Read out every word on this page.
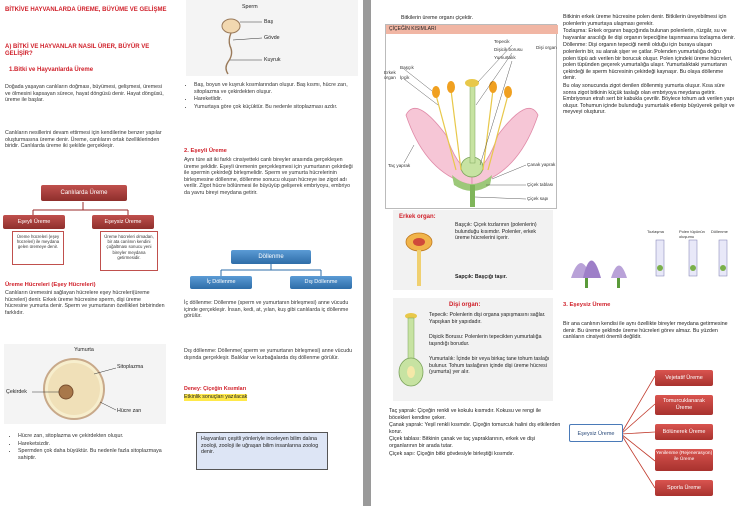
BİTKİVE HAYVANLARDA ÜREME, BÜYÜME VE GELİŞME
A) BİTKİ VE HAYVANLAR NASIL ÜRER, BÜYÜR VE GELİŞİR?
1.Bitki ve Hayvanlarda Üreme
Doğada yaşayan canlıların doğması, büyümesi, gelişmesi, üremesi ve ölmesini kapsayan sürece, hayat döngüsü denir. Hayat döngüsü, üreme ile başlar.
Canlıların nesillerini devam ettirmesi için kendilerine benzer yapılar oluşturmasına üreme denir. Üreme, canlıların ortak özelliklerinden biridir. Canlılarda üreme iki şekilde gerçekleşir.
Canlılarda Üreme
Eşeyli Üreme	Eşeysiz Üreme
Üreme hücreleri (eşey hücreleri) ile meydana gelen üremeye denir.
Üreme hücreleri olmadan, bir ata canlının kendini çoğaltması sonucu yeni bireyler meydana getirmesidir.
Üreme Hücreleri (Eşey Hücreleri)
Canlıların üremesini sağlayan hücrelere eşey hücreleri(üreme hücreleri) denir. Erkek üreme hücresine sperm, dişi üreme hücresine yumurta denir. Sperm ve yumurtanın özellikleri birbirinden farklıdır.
Yumurta
Sitoplazma
Çekirdek
Hücre zarı
• Hücre zarı, sitoplazma ve çekirdekten oluşur.
• Hareketsizdir.
• Spermden çok daha büyüktür. Bu nedenle fazla sitoplazmaya sahiptir.
Sperm
Baş
Gövde
Kuyruk
• Baş, boyun ve kuyruk kısımlarından oluşur. Baş kısmı, hücre zarı, sitoplazma ve çekirdekten oluşur.
• Hareketlidir.
• Yumurtaya göre çok küçüktür. Bu nedenle sitoplazması azdır.
2. Eşeyli Üreme
Aynı türe ait iki farklı cinsiyetteki canlı bireyler arasında gerçekleşen üreme şeklidir. Eşeyli üremenin gerçekleşmesi için yumurtanın çekirdeği ile spermin çekirdeği birleşmelidir. Sperm ve yumurta hücrelerinin birleşmesine döllenme, döllenme sonucu oluşan hücreye ise zigot adı verilir. Zigot hücre bölünmesi ile büyüyüp gelişerek embriyoyu, embriyo da yavru bireyi meydana getirir.
Döllenme
İç Döllenme	Dış Döllenme
İç döllenme: Döllenme (sperm ve yumurtanın birleşmesi) anne vücudu içinde gerçekleşir. İnsan, kedi, at, yılan, kuş gibi canlılarda iç döllenme görülür.
Dış döllenme: Döllenme( sperm ve yumurtanın birleşmesi) anne vücudu dışında gerçekleşir. Balıklar ve kurbağalarda dış döllenme görülür.
Deney: Çiçeğin Kısımları
Etkinlik sonuçları yazılacak
Hayvanları çeşitli yönleriyle inceleyen bilim dalına zooloji, zooloji ile uğraşan bilim insanlarına zoolog denir.
Bitkilerin üreme organı çiçektir.
ÇİÇEĞİN KISIMLARI
Tepecik
Dişicik borusu
Yumurtalık
Dişi organ
Başçık
İpçik
Erkek organ
Taç yaprak	Çanak yaprak
Çiçek tablası
Çiçek sapı
Erkek organ:
Başçık: Çiçek tozlarının (polenlerin) bulunduğu kısımdır. Polenler, erkek üreme hücrelerini içerir.
Sapçık: Başçığı taşır.
Dişi organ:
Tepecik: Polenlerin dişi organa yapışmasını sağlar. Yapışkan bir yapıdadır.
Dişicik Borusu: Polenlerin tepecikten yumurtalığa taşındığı borudur.
Yumurtalık: İçinde bir veya birkaç tane tohum taslağı bulunur. Tohum taslağının içinde dişi üreme hücresi (yumurta) yer alır.
Taç yaprak: Çiçeğin renkli ve kokulu kısmıdır. Kokusu ve rengi ile böcekleri kendine çeker.
Çanak yaprak: Yeşil renkli kısımdır. Çiçeğin tomurcuk halini dış etkilerden korur.
Çiçek tablası: Bitkinin çanak ve taç yapraklarının, erkek ve dişi organlarının bir arada tutar.
Çiçek sapı: Çiçeğin bitki gövdesiyle birleştiği kısımdır.
Bitkinin erkek üreme hücresine polen denir. Bitkilerin üreyebilmesi için polenlerin yumurtaya ulaşması gerekir.
Tozlaşma: Erkek organın başçığında bulunan polenlerin, rüzgâr, su ve hayvanlar aracılığı ile dişi organın tepeciğine taşınmasına tozlaşma denir.
Döllenme: Dişi organın tepeciği nemli olduğu için buraya ulaşan polenlerin bir, su alarak şişer ve çatlar. Polenden yumurtalığa doğru polen tüpü adı verilen bir borucuk oluşur. Polen içindeki üreme hücreleri, polen tüpünden geçerek yumurtalığa ulaşır. Yumurtalıktaki yumurtanın çekirdeği ile sperm hücresinin çekirdeği kaynaşır. Bu olaya döllenme denir.
Bu olay sonucunda zigot denilen döllenmiş yumurta oluşur. Kısa süre sonra zigot bitkinin küçük taslağı olan embriyoya meydana getirir. Embriyonun etrafı sert bir kabukla çevrilir. Böylece tohum adı verilen yapı oluşur. Tohumun içinde bulunduğu yumurtalık etlenip büyüyerek gelişir ve meyveyi oluşturur.
Tozlaşma	Polen tüpünün oluşumu
Döllenme
3. Eşeysiz Üreme
Bir ana canlının kendisi ile aynı özellikte bireyler meydana getirmesine denir. Bu üreme şeklinde üreme hücreleri görev almaz. Bu yüzden canlıların cinsiyeti önemli değildir.
Eşeysiz Üreme
Vejetatif Üreme
Tomurcuklanarak Üreme
Bölünerek Üreme
Yenilenme (Rejenerasyon) ile Üreme
Sporla Üreme
